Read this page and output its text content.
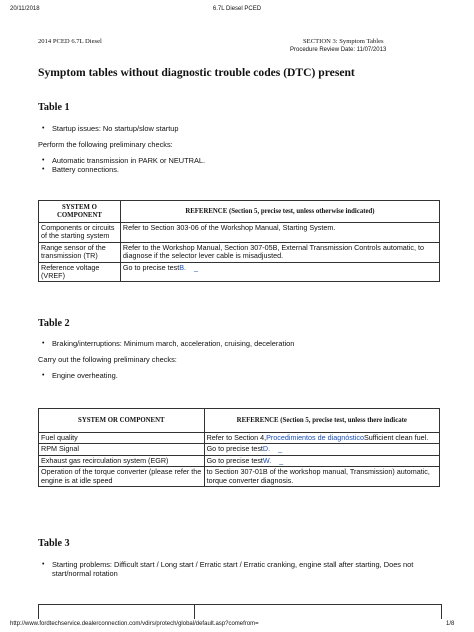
20/11/2018	6.7L Diesel PCED
2014 PCED 6.7L Diesel	SECTION 3: Symptom Tables
Procedure Review Date: 11/07/2013
Symptom tables without diagnostic trouble codes (DTC) present
Table 1
• Startup issues: No startup/slow startup
Perform the following preliminary checks:
• Automatic transmission in PARK or NEUTRAL.
• Battery connections.
SYSTEM O COMPONENT	REFERENCE (Section 5, precise test, unless otherwise indicated)
Components or circuits of the starting system	Refer to Section 303-06 of the Workshop Manual, Starting System.
Range sensor of the transmission (TR)	Refer to the Workshop Manual, Section 307-05B, External Transmission Controls automatic, to diagnose if the selector lever cable is misadjusted.
Reference voltage (VREF)	Go to precise testB. _
Table 2
• Braking/interruptions: Minimum march, acceleration, cruising, deceleration
Carry out the following preliminary checks:
• Engine overheating.
SYSTEM OR COMPONENT	REFERENCE (Section 5, precise test, unless there indicate
Fuel quality	Refer to Section 4,Procedimientos de diagnósticoSufficient clean fuel.
RPM Signal	Go to precise testD. _
Exhaust gas recirculation system (EGR)	Go to precise testW. _
Operation of the torque converter (please refer the engine is at idle speed	to Section 307-01B of the workshop manual, Transmission) automatic, torque converter diagnosis.
Table 3
• Starting problems: Difficult start / Long start / Erratic start / Erratic cranking, engine stall after starting, Does not start/normal rotation
http://www.fordtechservice.dealerconnection.com/vdirs/protech/global/default.asp?comefrom=	1/8
